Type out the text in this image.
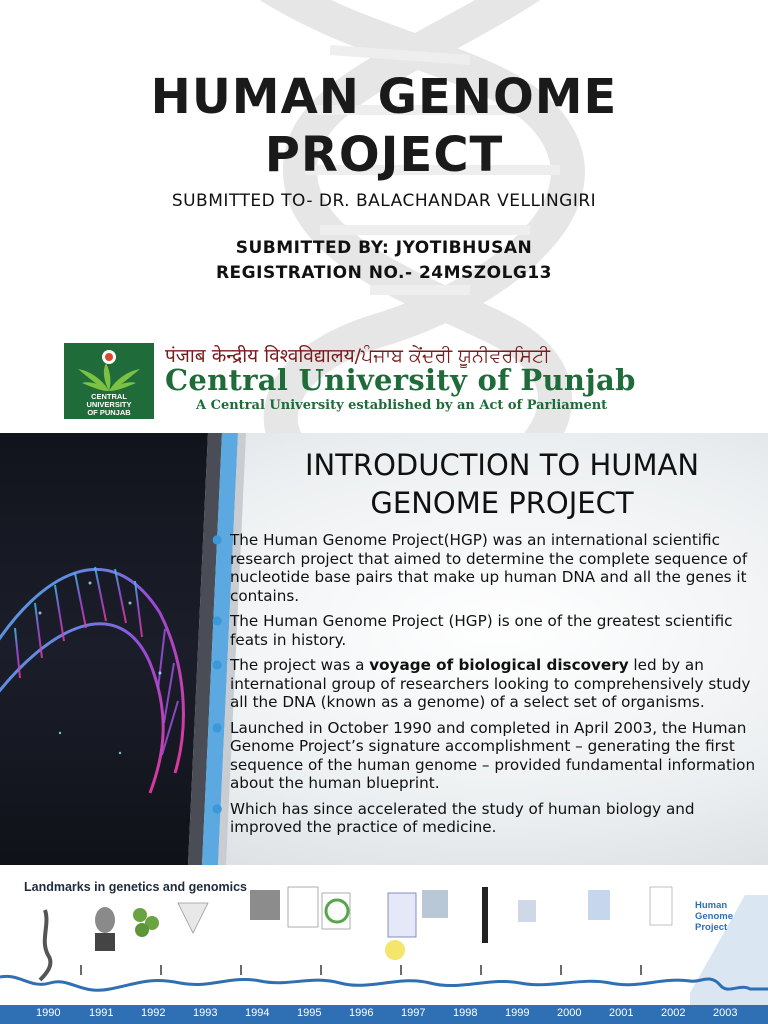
HUMAN GENOME
PROJECT
SUBMITTED TO- DR. BALACHANDAR VELLINGIRI
SUBMITTED BY: JYOTIBHUSAN
REGISTRATION NO.- 24MSZOLG13
CENTRAL
UNIVERSITY
OF PUNJAB
पंजाब केन्द्रीय विश्वविद्यालय/ਪੰਜਾਬ ਕੇਂਦਰੀ ਯੂਨੀਵਰਸਿਟੀ
Central University of Punjab
A Central University established by an Act of Parliament
INTRODUCTION TO HUMAN
GENOME PROJECT
● The Human Genome Project(HGP) was an international scientific research project that aimed to determine the complete sequence of nucleotide base pairs that make up human DNA and all the genes it contains.
● The Human Genome Project (HGP) is one of the greatest scientific feats in history.
● The project was a voyage of biological discovery led by an international group of researchers looking to comprehensively study all the DNA (known as a genome) of a select set of organisms.
● Launched in October 1990 and completed in April 2003, the Human Genome Project’s signature accomplishment – generating the first sequence of the human genome – provided fundamental information about the human blueprint.
● Which has since accelerated the study of human biology and improved the practice of medicine.
Landmarks in genetics and genomics
Human Genome Project
1990	1991	1992	1993	1994	1995	1996	1997	1998	1999	2000	2001	2002	2003
